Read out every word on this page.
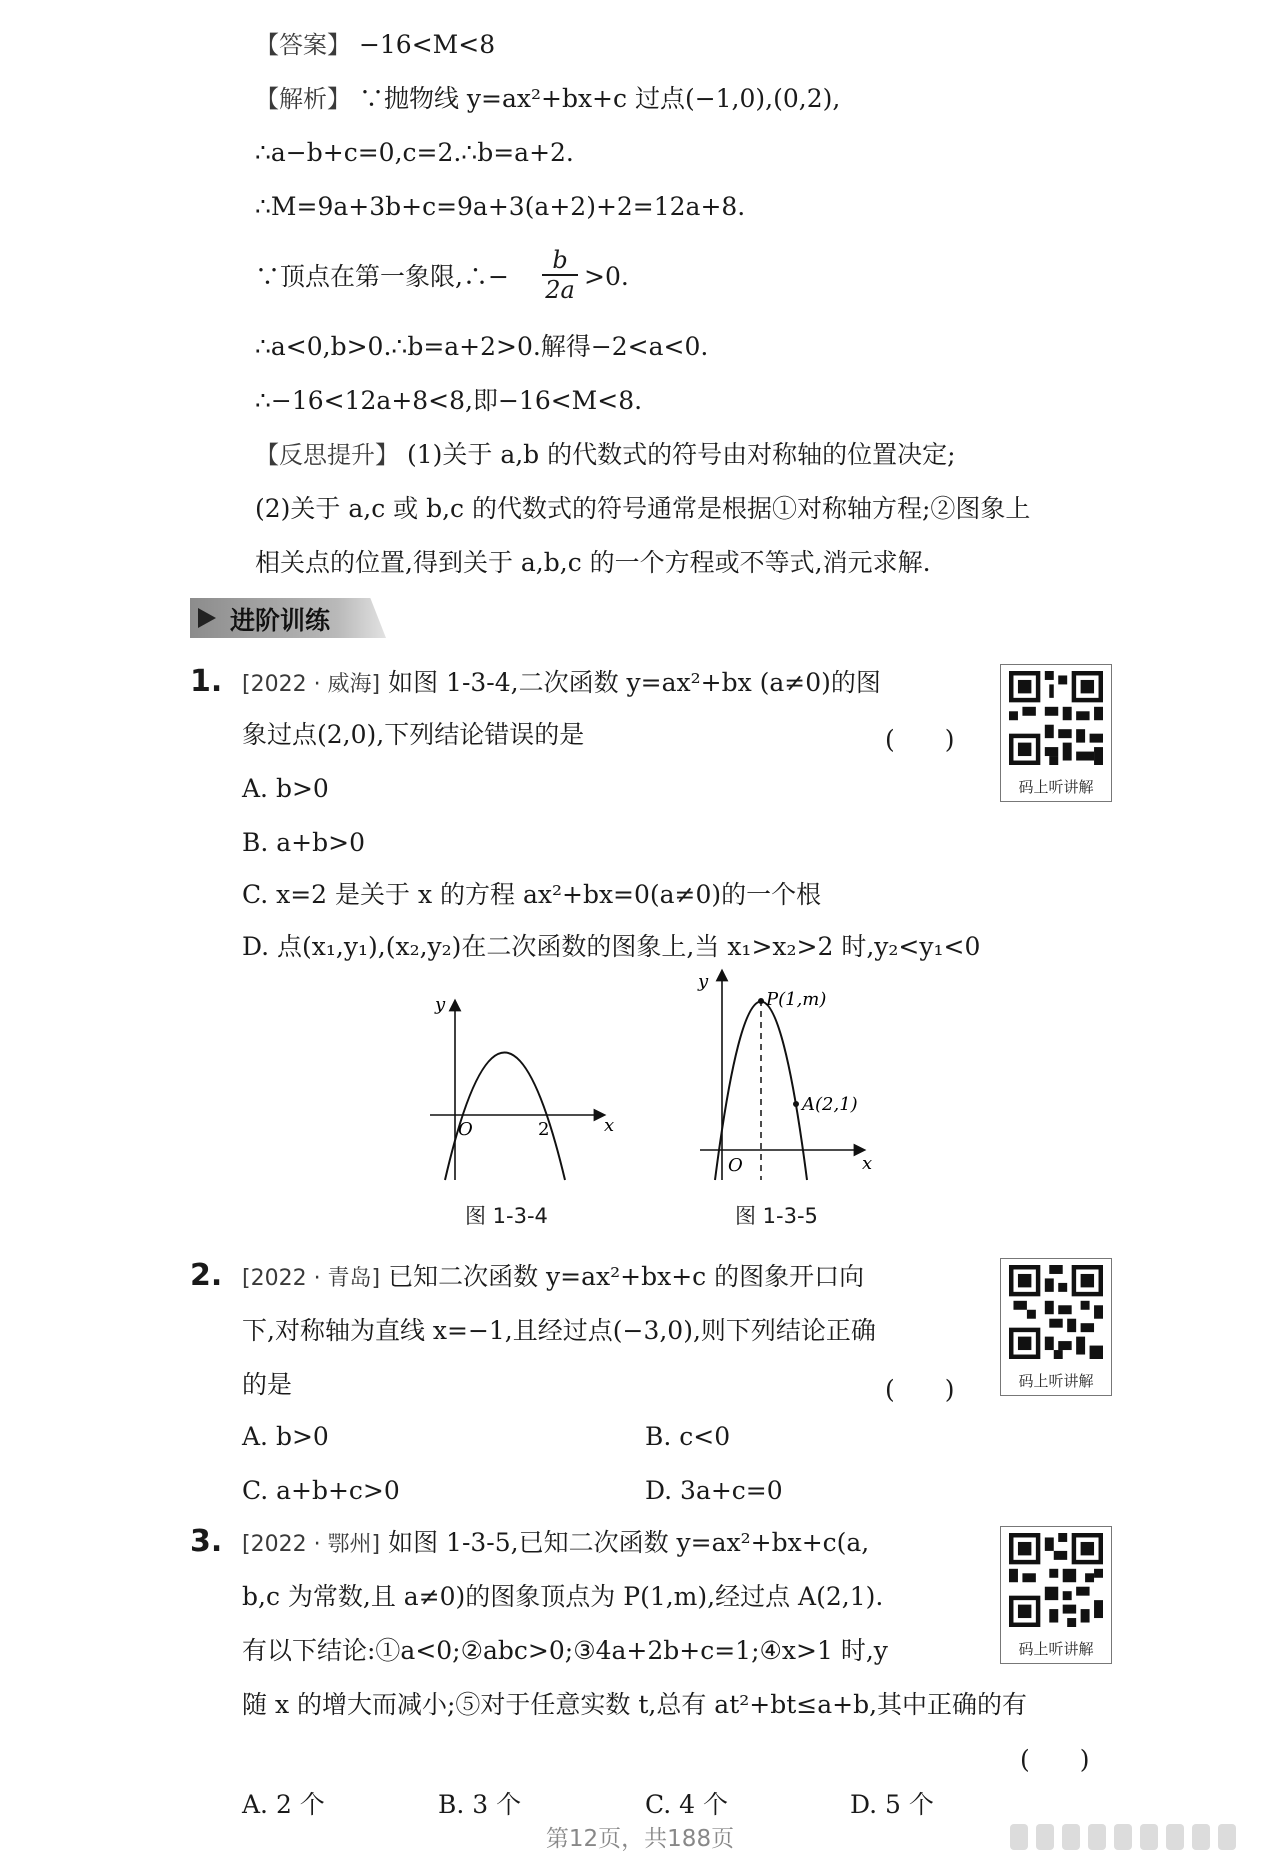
【答案】 −16<M<8
【解析】 ∵抛物线 y=ax²+bx+c 过点(−1,0),(0,2),
∴a−b+c=0,c=2.∴b=a+2.
∴M=9a+3b+c=9a+3(a+2)+2=12a+8.
∵顶点在第一象限,∴−
b
2a >0.
∴a<0,b>0.∴b=a+2>0.解得−2<a<0.
∴−16<12a+8<8,即−16<M<8.
【反思提升】 (1)关于 a,b 的代数式的符号由对称轴的位置决定;
(2)关于 a,c 或 b,c 的代数式的符号通常是根据①对称轴方程;②图象上
相关点的位置,得到关于 a,b,c 的一个方程或不等式,消元求解.
进阶训练
1. [2022 · 威海] 如图 1-3-4,二次函数 y=ax²+bx (a≠0)的图
象过点(2,0),下列结论错误的是	(　　)
A. b>0
B. a+b>0
C. x=2 是关于 x 的方程 ax²+bx=0(a≠0)的一个根
D. 点(x₁,y₁),(x₂,y₂)在二次函数的图象上,当 x₁>x₂>2 时,y₂<y₁<0
码上听讲解
y
x
O	2
图 1-3-4
y
x
O
P(1,m)
A(2,1)
图 1-3-5
2. [2022 · 青岛] 已知二次函数 y=ax²+bx+c 的图象开口向
下,对称轴为直线 x=−1,且经过点(−3,0),则下列结论正确
的是	(　　)
A. b>0	B. c<0
C. a+b+c>0	D. 3a+c=0
码上听讲解
3. [2022 · 鄂州] 如图 1-3-5,已知二次函数 y=ax²+bx+c(a,
b,c 为常数,且 a≠0)的图象顶点为 P(1,m),经过点 A(2,1).
有以下结论:①a<0;②abc>0;③4a+2b+c=1;④x>1 时,y
随 x 的增大而减小;⑤对于任意实数 t,总有 at²+bt≤a+b,其中正确的有
(　　)
A. 2 个	B. 3 个	C. 4 个	D. 5 个
码上听讲解
第12页，共188页
